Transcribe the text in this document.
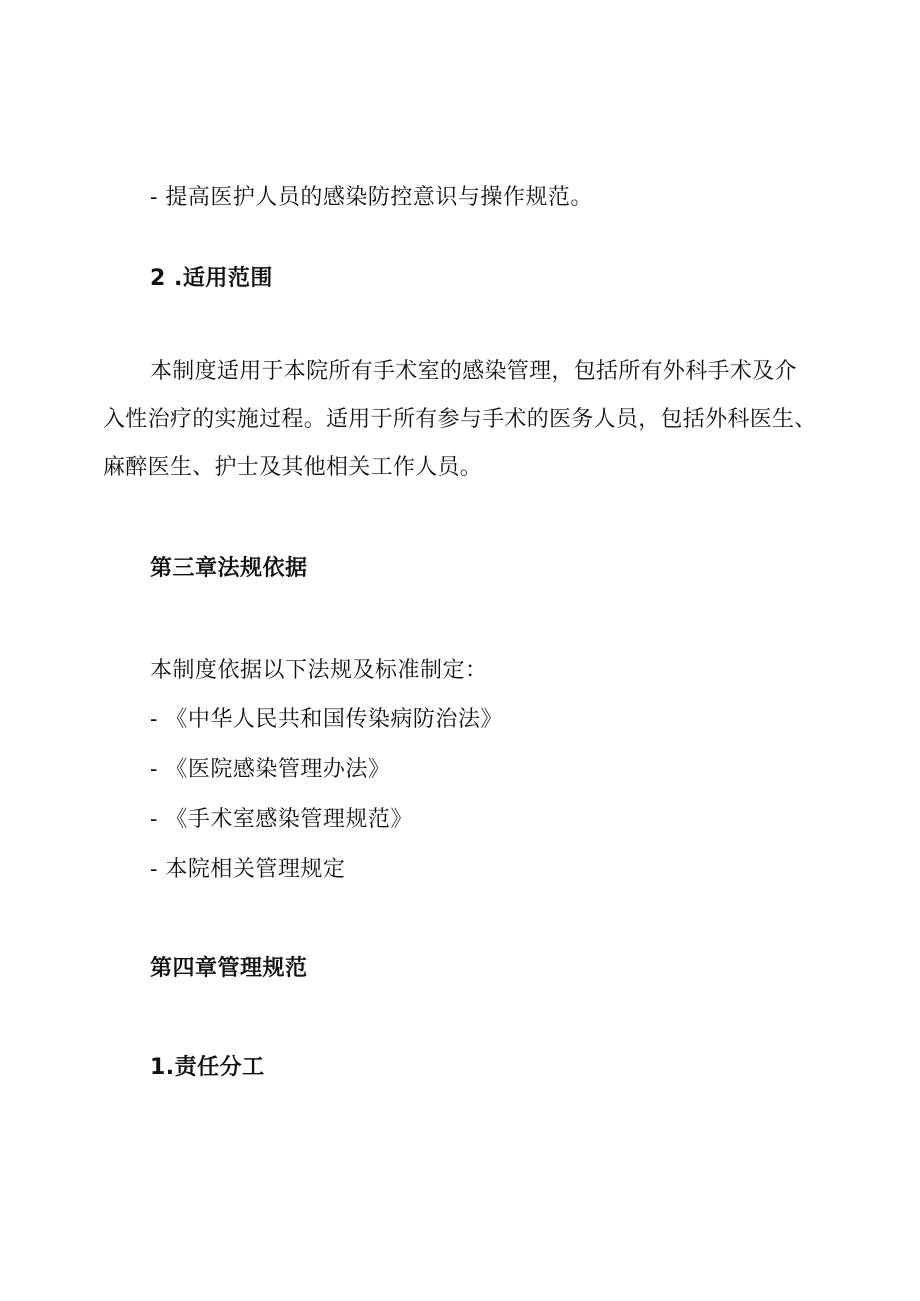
- 提高医护人员的感染防控意识与操作规范。
2 .适用范围
本制度适用于本院所有手术室的感染管理，包括所有外科手术及介
入性治疗的实施过程。适用于所有参与手术的医务人员，包括外科医生、
麻醉医生、护士及其他相关工作人员。
第三章法规依据
本制度依据以下法规及标准制定：
- 《中华人民共和国传染病防治法》
- 《医院感染管理办法》
- 《手术室感染管理规范》
- 本院相关管理规定
第四章管理规范
1.责任分工
